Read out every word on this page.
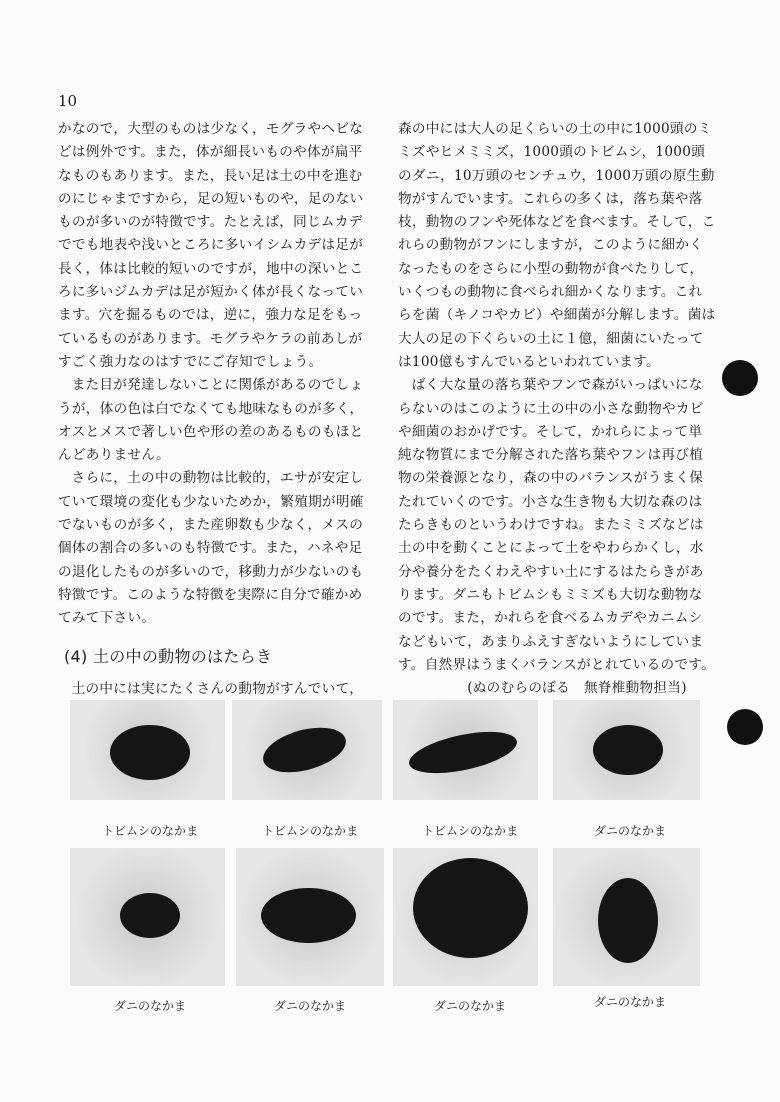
10

かなので，大型のものは少なく，モグラやヘビなどは例外です。また，体が細長いものや体が扁平なものもあります。また，長い足は土の中を進むのにじゃまですから，足の短いものや，足のないものが多いのが特徴です。たとえば，同じムカデででも地表や浅いところに多いイシムカデは足が長く，体は比較的短いのですが，地中の深いところに多いジムカデは足が短かく体が長くなっています。穴を掘るものでは，逆に，強力な足をもっているものがあります。モグラやケラの前あしがすごく強力なのはすでにご存知でしょう。

また目が発達しないことに関係があるのでしょうが，体の色は白でなくても地味なものが多く，オスとメスで著しい色や形の差のあるものもほとんどありません。

さらに，土の中の動物は比較的，エサが安定していて環境の変化も少ないためか，繁殖期が明確でないものが多く，また産卵数も少なく，メスの個体の割合の多いのも特徴です。また，ハネや足の退化したものが多いので，移動力が少ないのも特徴です。このような特徴を実際に自分で確かめてみて下さい。

(4) 土の中の動物のはたらき

土の中には実にたくさんの動物がすんでいて，

森の中には大人の足くらいの土の中に1000頭のミミズやヒメミミズ，1000頭のトビムシ，1000頭のダニ，10万頭のセンチュウ，1000万頭の原生動物がすんでいます。これらの多くは，落ち葉や落枝，動物のフンや死体などを食べます。そして，これらの動物がフンにしますが，このように細かくなったものをさらに小型の動物が食べたりして，いくつもの動物に食べられ細かくなります。これらを菌（キノコやカビ）や細菌が分解します。菌は大人の足の下くらいの土に１億，細菌にいたっては100億もすんでいるといわれています。

ばく大な量の落ち葉やフンで森がいっぱいにならないのはこのように土の中の小さな動物やカビや細菌のおかげです。そして，かれらによって単純な物質にまで分解された落ち葉やフンは再び植物の栄養源となり，森の中のバランスがうまく保たれていくのです。小さな生き物も大切な森のはたらきものというわけですね。またミミズなどは土の中を動くことによって土をやわらかくし，水分や養分をたくわえやすい土にするはたらきがあります。ダニもトビムシもミミズも大切な動物なのです。また，かれらを食べるムカデやカニムシなどもいて，あまりふえすぎないようにしています。自然界はうまくバランスがとれているのです。

(ぬのむらのぼる　無脊椎動物担当)

トビムシのなかま	トビムシのなかま	トビムシのなかま	ダニのなかま
ダニのなかま	ダニのなかま	ダニのなかま	ダニのなかま
